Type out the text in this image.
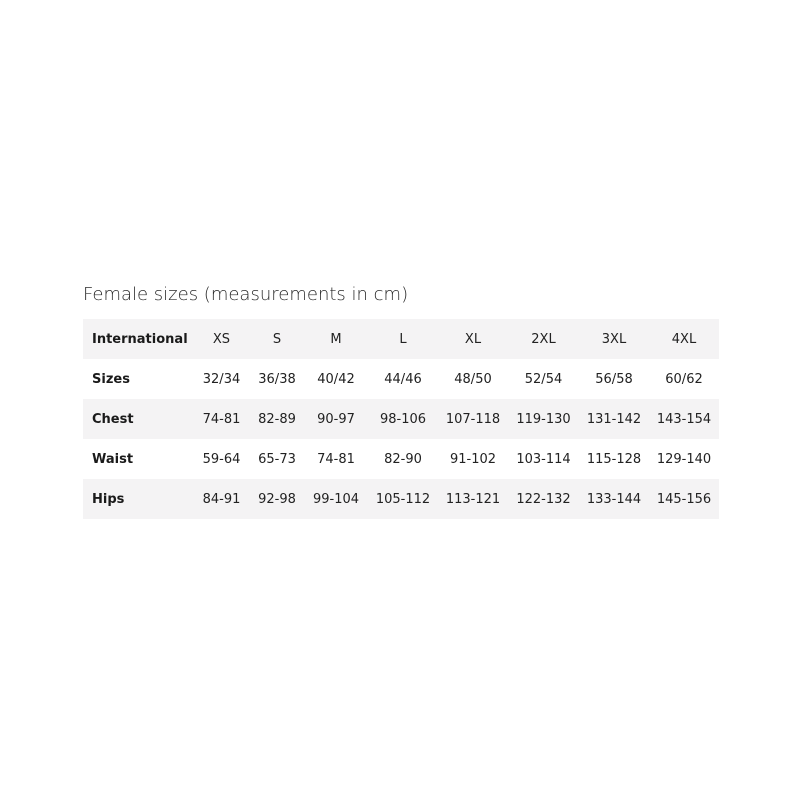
Female sizes (measurements in cm)
International	XS	S	M	L	XL	2XL	3XL	4XL
Sizes	32/34	36/38	40/42	44/46	48/50	52/54	56/58	60/62
Chest	74-81	82-89	90-97	98-106	107-118	119-130	131-142	143-154
Waist	59-64	65-73	74-81	82-90	91-102	103-114	115-128	129-140
Hips	84-91	92-98	99-104	105-112	113-121	122-132	133-144	145-156
